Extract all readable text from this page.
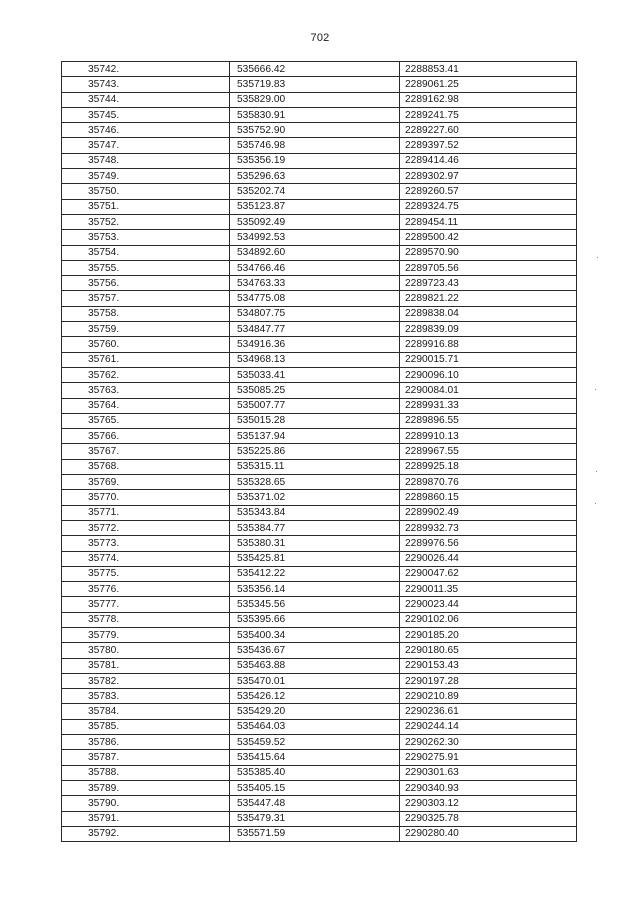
702
35742.	535666.42	2288853.41
35743.	535719.83	2289061.25
35744.	535829.00	2289162.98
35745.	535830.91	2289241.75
35746.	535752.90	2289227.60
35747.	535746.98	2289397.52
35748.	535356.19	2289414.46
35749.	535296.63	2289302.97
35750.	535202.74	2289260.57
35751.	535123.87	2289324.75
35752.	535092.49	2289454.11
35753.	534992.53	2289500.42
35754.	534892.60	2289570.90
35755.	534766.46	2289705.56
35756.	534763.33	2289723.43
35757.	534775.08	2289821.22
35758.	534807.75	2289838.04
35759.	534847.77	2289839.09
35760.	534916.36	2289916.88
35761.	534968.13	2290015.71
35762.	535033.41	2290096.10
35763.	535085.25	2290084.01
35764.	535007.77	2289931.33
35765.	535015.28	2289896.55
35766.	535137.94	2289910.13
35767.	535225.86	2289967.55
35768.	535315.11	2289925.18
35769.	535328.65	2289870.76
35770.	535371.02	2289860.15
35771.	535343.84	2289902.49
35772.	535384.77	2289932.73
35773.	535380.31	2289976.56
35774.	535425.81	2290026.44
35775.	535412.22	2290047.62
35776.	535356.14	2290011.35
35777.	535345.56	2290023.44
35778.	535395.66	2290102.06
35779.	535400.34	2290185.20
35780.	535436.67	2290180.65
35781.	535463.88	2290153.43
35782.	535470.01	2290197.28
35783.	535426.12	2290210.89
35784.	535429.20	2290236.61
35785.	535464.03	2290244.14
35786.	535459.52	2290262.30
35787.	535415.64	2290275.91
35788.	535385.40	2290301.63
35789.	535405.15	2290340.93
35790.	535447.48	2290303.12
35791.	535479.31	2290325.78
35792.	535571.59	2290280.40
